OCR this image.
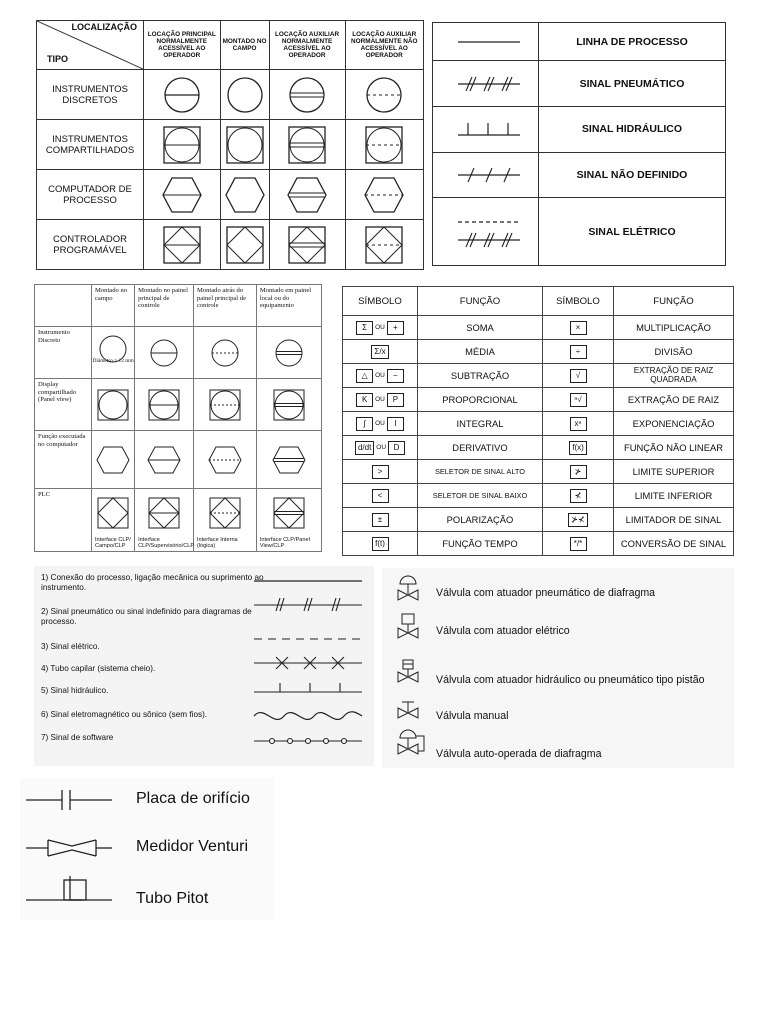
LOCALIZAÇÃO
TIPO	LOCAÇÃO PRINCIPAL NORMALMENTE ACESSÍVEL AO OPERADOR	MONTADO NO CAMPO	LOCAÇÃO AUXILIAR NORMALMENTE ACESSÍVEL AO OPERADOR	LOCAÇÃO AUXILIAR NORMALMENTE NÃO ACESSÍVEL AO OPERADOR
INSTRUMENTOS DISCRETOS	

INSTRUMENTOS COMPARTILHADOS	

COMPUTADOR DE PROCESSO	

CONTROLADOR PROGRAMÁVEL	

	LINHA DE PROCESSO

	SINAL PNEUMÁTICO

	SINAL HIDRÁULICO

	SINAL NÃO DEFINIDO

	SINAL ELÉTRICO
	Montado no campo	Montado no painel principal de controle	Montado atrás do painel principal de controle	Montado em painel local ou do equipamento
Instrumento Discreto	Diâmetro = 12 mm

Display compartilhado (Panel view)	

Função executada no computador	

PLC	Interface CLP/ Campo/CLP	Interface CLP/Supervisório/CLP	Interface Interna (lógica)	Interface CLP/Panel View/CLP
SÍMBOLO	FUNÇÃO	SÍMBOLO	FUNÇÃO
Σ OU +	SOMA	×	MULTIPLICAÇÃO
Σ/x	MÉDIA	÷	DIVISÃO
△ OU −	SUBTRAÇÃO	√	EXTRAÇÃO DE RAIZ QUADRADA
K OU P	PROPORCIONAL	ⁿ√	EXTRAÇÃO DE RAIZ
∫ OU I	INTEGRAL	xⁿ	EXPONENCIAÇÃO
d/dt OU D	DERIVATIVO	f(x)	FUNÇÃO NÃO LINEAR
>	SELETOR DE SINAL ALTO	⊁	LIMITE SUPERIOR
<	SELETOR DE SINAL BAIXO	⊀	LIMITE INFERIOR
±	POLARIZAÇÃO	⊁⊀	LIMITADOR DE SINAL
f(t)	FUNÇÃO TEMPO	*/*	CONVERSÃO DE SINAL
1) Conexão do processo, ligação mecânica ou suprimento ao instrumento.
2) Sinal pneumático ou sinal indefinido para diagramas de processo.
3) Sinal elétrico.
4) Tubo capilar (sistema cheio).
5) Sinal hidráulico.
6) Sinal eletromagnético ou sônico (sem fios).
7) Sinal de software
Válvula com atuador pneumático de diafragma
Válvula com atuador elétrico
Válvula com atuador hidráulico ou pneumático tipo pistão
Válvula manual
Válvula auto-operada de diafragma
Placa de orifício
Medidor Venturi
Tubo Pitot
